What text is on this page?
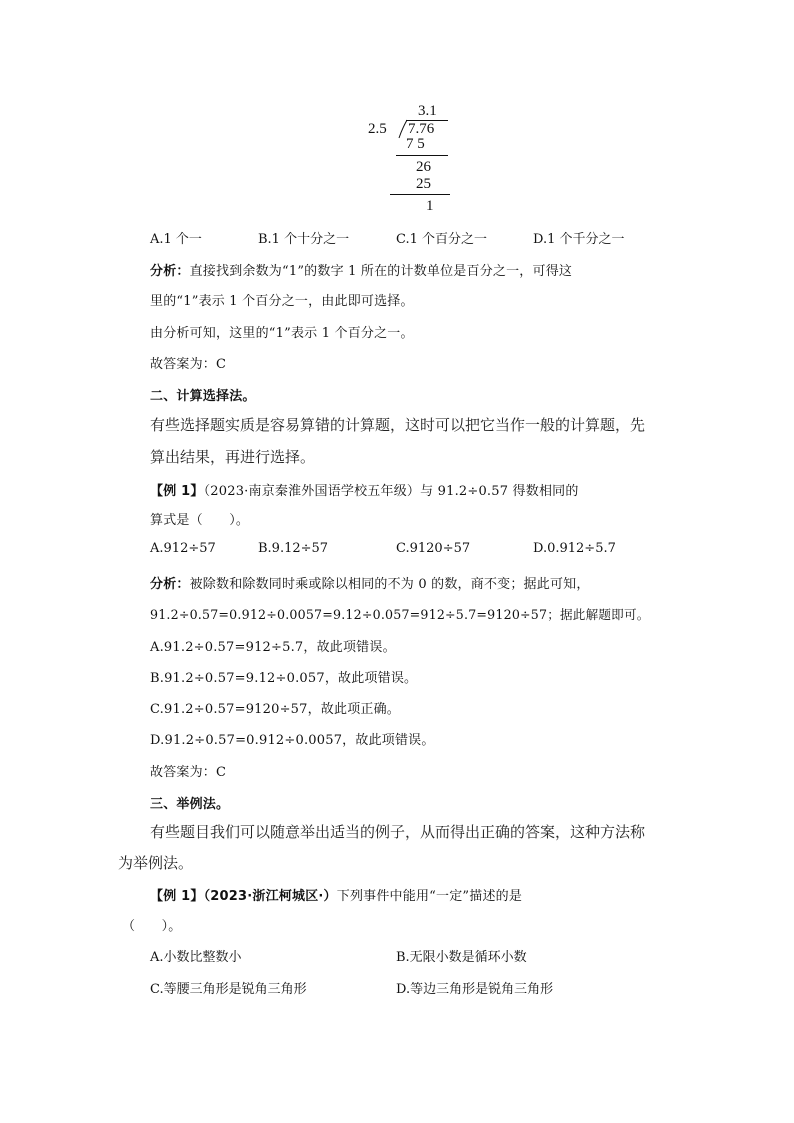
3.1
2.5 7.76
7 5
26
25
1
A.1 个一	B.1 个十分之一	C.1 个百分之一	D.1 个千分之一
分析：直接找到余数为“1”的数字 1 所在的计数单位是百分之一，可得这
里的“1”表示 1 个百分之一，由此即可选择。
由分析可知，这里的“1”表示 1 个百分之一。
故答案为：C
二、计算选择法。
有些选择题实质是容易算错的计算题，这时可以把它当作一般的计算题，先
算出结果，再进行选择。
【例 1】（2023·南京秦淮外国语学校五年级）与 91.2÷0.57 得数相同的
算式是（　　）。
A.912÷57	B.9.12÷57	C.9120÷57	D.0.912÷5.7
分析：被除数和除数同时乘或除以相同的不为 0 的数，商不变；据此可知，
91.2÷0.57=0.912÷0.0057=9.12÷0.057=912÷5.7=9120÷57；据此解题即可。
A.91.2÷0.57=912÷5.7，故此项错误。
B.91.2÷0.57=9.12÷0.057，故此项错误。
C.91.2÷0.57=9120÷57，故此项正确。
D.91.2÷0.57=0.912÷0.0057，故此项错误。
故答案为：C
三、举例法。
有些题目我们可以随意举出适当的例子，从而得出正确的答案，这种方法称
为举例法。
【例 1】（2023·浙江柯城区·）下列事件中能用“一定”描述的是
（　　）。
A.小数比整数小	B.无限小数是循环小数
C.等腰三角形是锐角三角形	D.等边三角形是锐角三角形
